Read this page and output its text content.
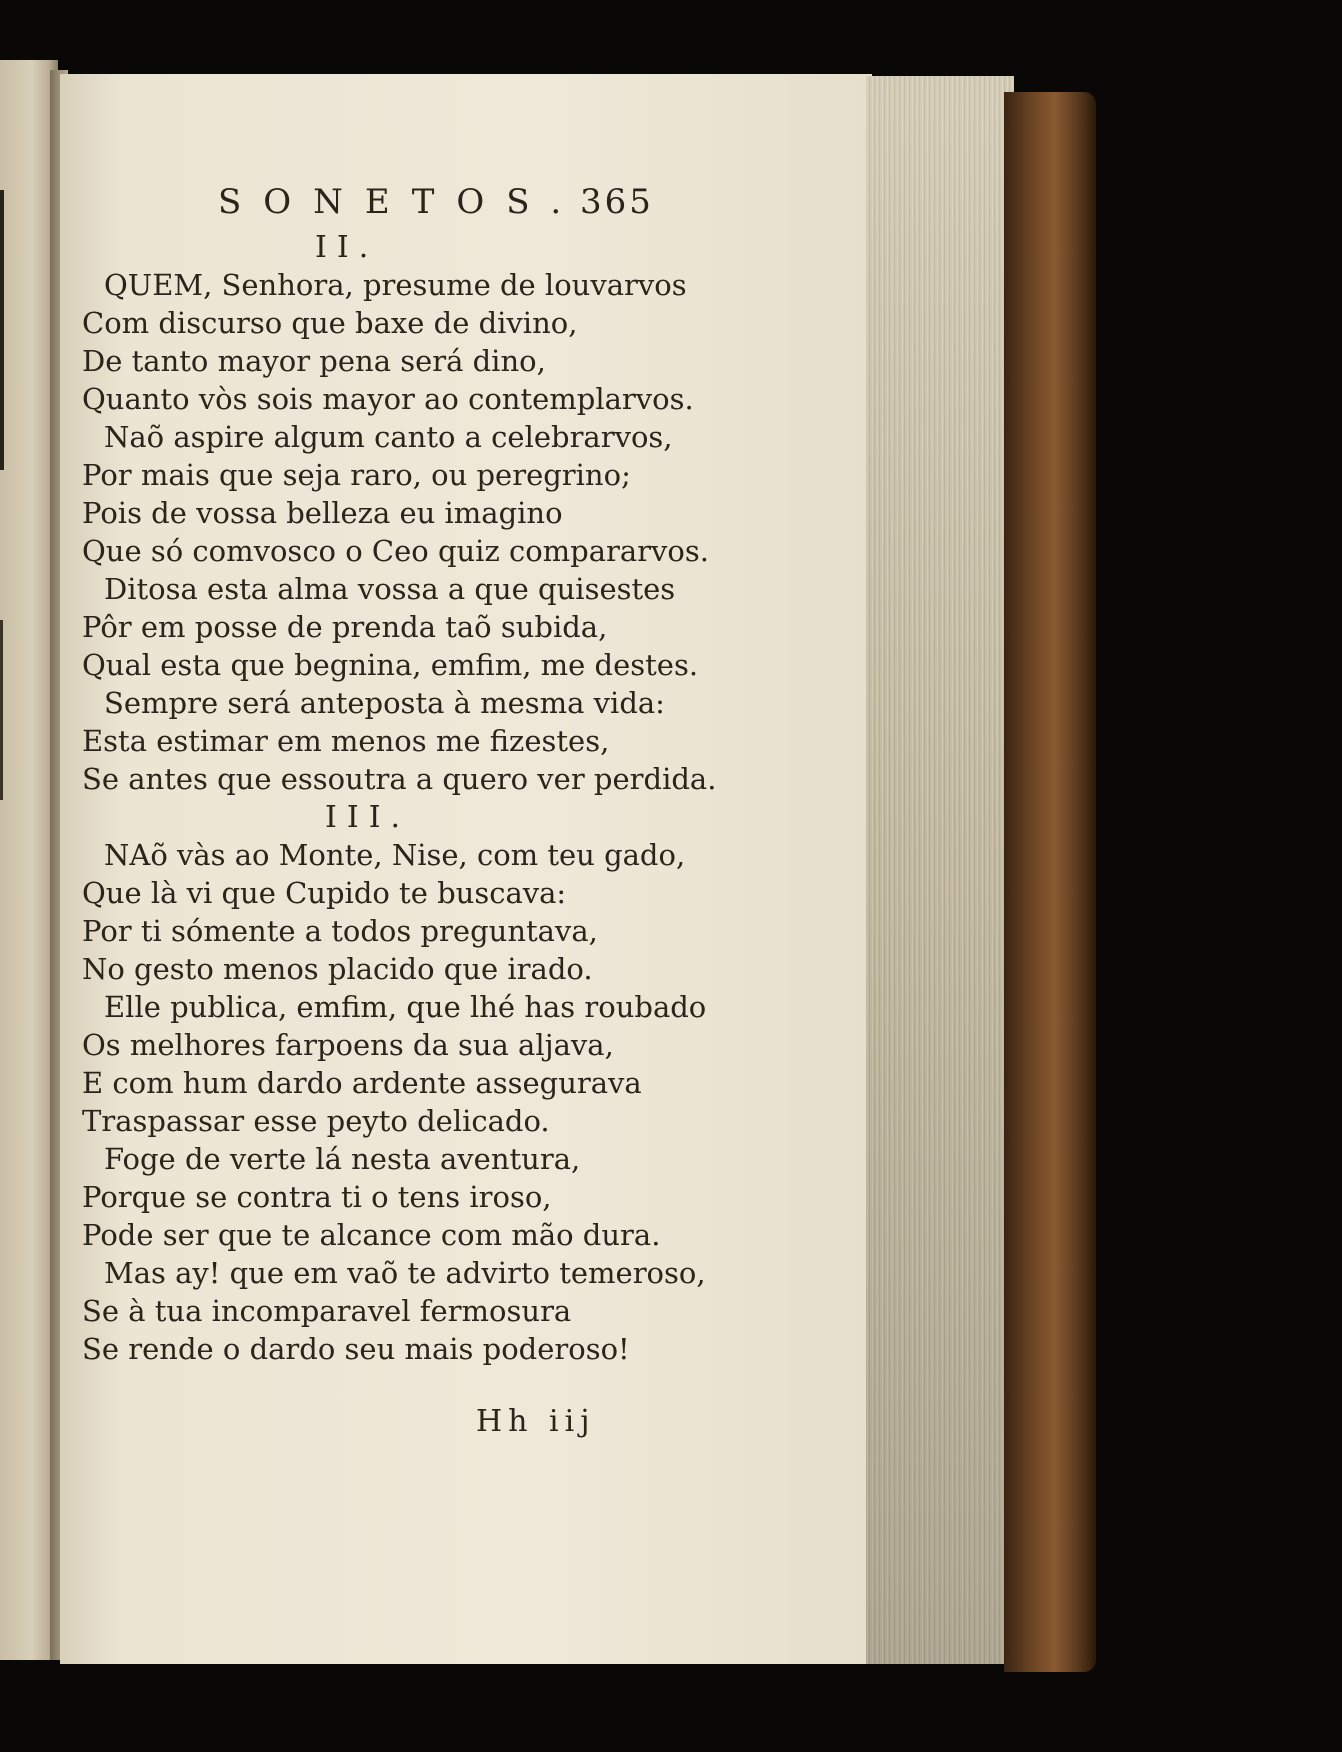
SONETOS.
365
II.
QUEM, Senhora, presume de louvarvos
Com discurso que baxe de divino,
De tanto mayor pena será dino,
Quanto vòs sois mayor ao contemplarvos.
Naõ aspire algum canto a celebrarvos,
Por mais que seja raro, ou peregrino;
Pois de vossa belleza eu imagino
Que só comvosco o Ceo quiz compararvos.
Ditosa esta alma vossa a que quisestes
Pôr em posse de prenda taõ subida,
Qual esta que begnina, emfim, me destes.
Sempre será anteposta à mesma vida:
Esta estimar em menos me fizestes,
Se antes que essoutra a quero ver perdida.
III.
NAõ vàs ao Monte, Nise, com teu gado,
Que là vi que Cupido te buscava:
Por ti sómente a todos preguntava,
No gesto menos placido que irado.
Elle publica, emfim, que lhé has roubado
Os melhores farpoens da sua aljava,
E com hum dardo ardente assegurava
Traspassar esse peyto delicado.
Foge de verte lá nesta aventura,
Porque se contra ti o tens iroso,
Pode ser que te alcance com mão dura.
Mas ay! que em vaõ te advirto temeroso,
Se à tua incomparavel fermosura
Se rende o dardo seu mais poderoso!
Hh iij
